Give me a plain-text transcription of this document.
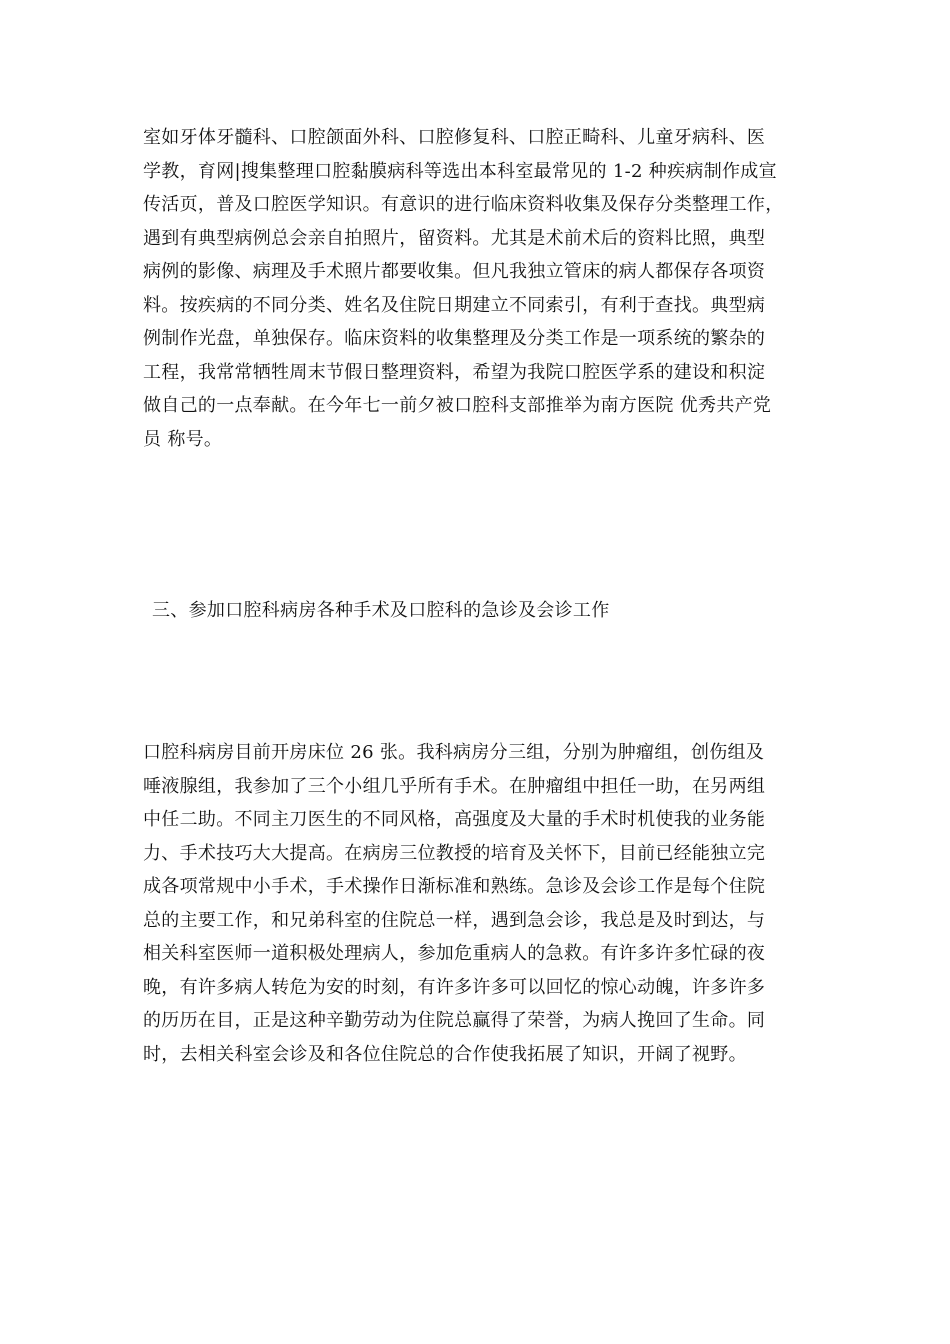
室如牙体牙髓科、口腔颌面外科、口腔修复科、口腔正畸科、儿童牙病科、医
学教，育网|搜集整理口腔黏膜病科等选出本科室最常见的 1-2 种疾病制作成宣
传活页，普及口腔医学知识。有意识的进行临床资料收集及保存分类整理工作，
遇到有典型病例总会亲自拍照片，留资料。尤其是术前术后的资料比照，典型
病例的影像、病理及手术照片都要收集。但凡我独立管床的病人都保存各项资
料。按疾病的不同分类、姓名及住院日期建立不同索引，有利于查找。典型病
例制作光盘，单独保存。临床资料的收集整理及分类工作是一项系统的繁杂的
工程，我常常牺牲周末节假日整理资料，希望为我院口腔医学系的建设和积淀
做自己的一点奉献。在今年七一前夕被口腔科支部推举为南方医院 优秀共产党
员 称号。
三、参加口腔科病房各种手术及口腔科的急诊及会诊工作
口腔科病房目前开房床位 26 张。我科病房分三组，分别为肿瘤组，创伤组及
唾液腺组，我参加了三个小组几乎所有手术。在肿瘤组中担任一助，在另两组
中任二助。不同主刀医生的不同风格，高强度及大量的手术时机使我的业务能
力、手术技巧大大提高。在病房三位教授的培育及关怀下，目前已经能独立完
成各项常规中小手术，手术操作日渐标准和熟练。急诊及会诊工作是每个住院
总的主要工作，和兄弟科室的住院总一样，遇到急会诊，我总是及时到达，与
相关科室医师一道积极处理病人，参加危重病人的急救。有许多许多忙碌的夜
晚，有许多病人转危为安的时刻，有许多许多可以回忆的惊心动魄，许多许多
的历历在目，正是这种辛勤劳动为住院总赢得了荣誉，为病人挽回了生命。同
时，去相关科室会诊及和各位住院总的合作使我拓展了知识，开阔了视野。
